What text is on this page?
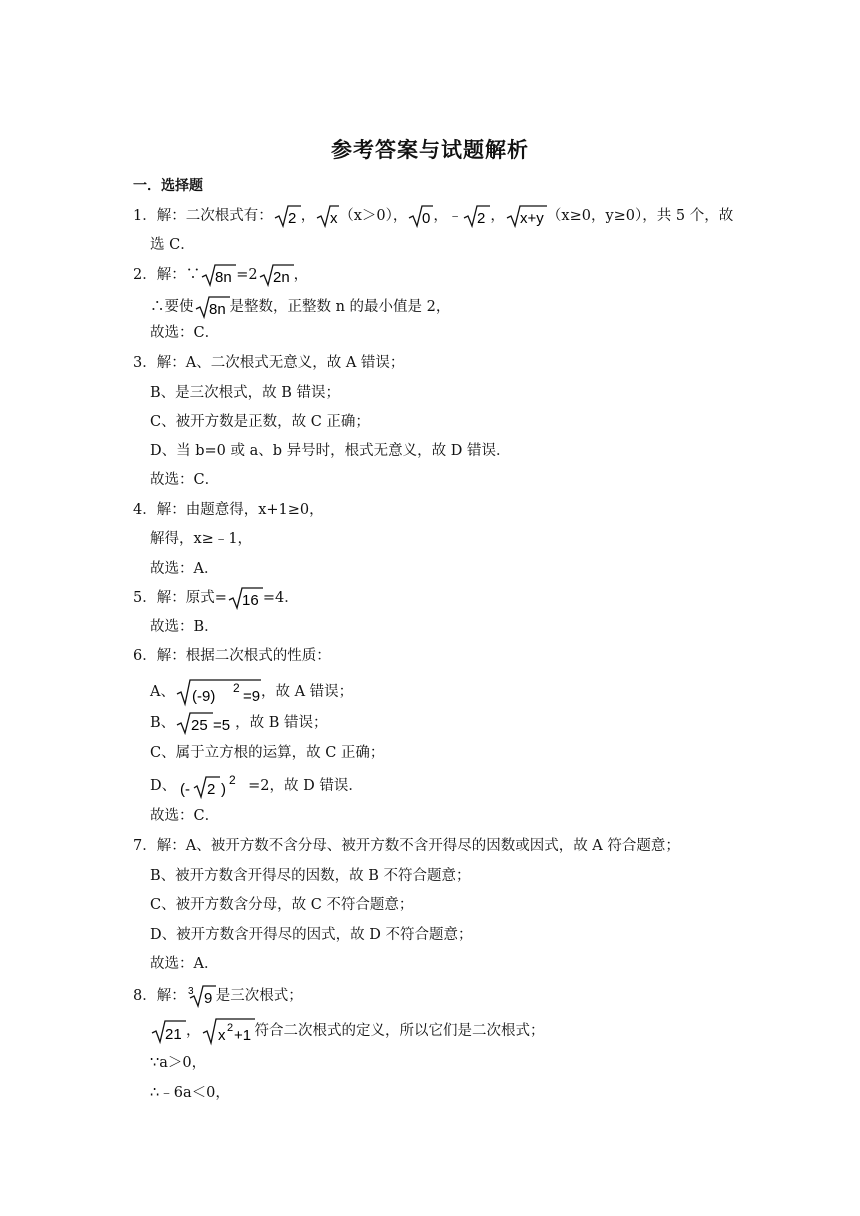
参考答案与试题解析
一．选择题
1．解：二次根式有： 2 ， x （x＞0）， 0 ，﹣ 2 ， x+y （x≥0，y≥0），共 5 个，故
选 C．
2．解：∵ 8n =2 2n ，
∴要使 8n 是整数，正整数 n 的最小值是 2，
故选：C．
3．解：A、二次根式无意义，故 A 错误；
B、是三次根式，故 B 错误；
C、被开方数是正数，故 C 正确；
D、当 b=0 或 a、b 异号时，根式无意义，故 D 错误．
故选：C．
4．解：由题意得，x+1≥0，
解得，x≥﹣1，
故选：A．
5．解：原式= 16 =4．
故选：B．
6．解：根据二次根式的性质：
A、 (-9) 2 =9 ，故 A 错误；
B、 25 =5 ，故 B 错误；
C、属于立方根的运算，故 C 正确；
D、 (- 2 )
2 =2，故 D 错误．
故选：C．
7．解：A、被开方数不含分母、被开方数不含开得尽的因数或因式，故 A 符合题意；
B、被开方数含开得尽的因数，故 B 不符合题意；
C、被开方数含分母，故 C 不符合题意；
D、被开方数含开得尽的因式，故 D 不符合题意；
故选：A．
8．解： 3 9 是三次根式；
21 ， x 2 +1 符合二次根式的定义，所以它们是二次根式；
∵a＞0，
∴﹣6a＜0，
